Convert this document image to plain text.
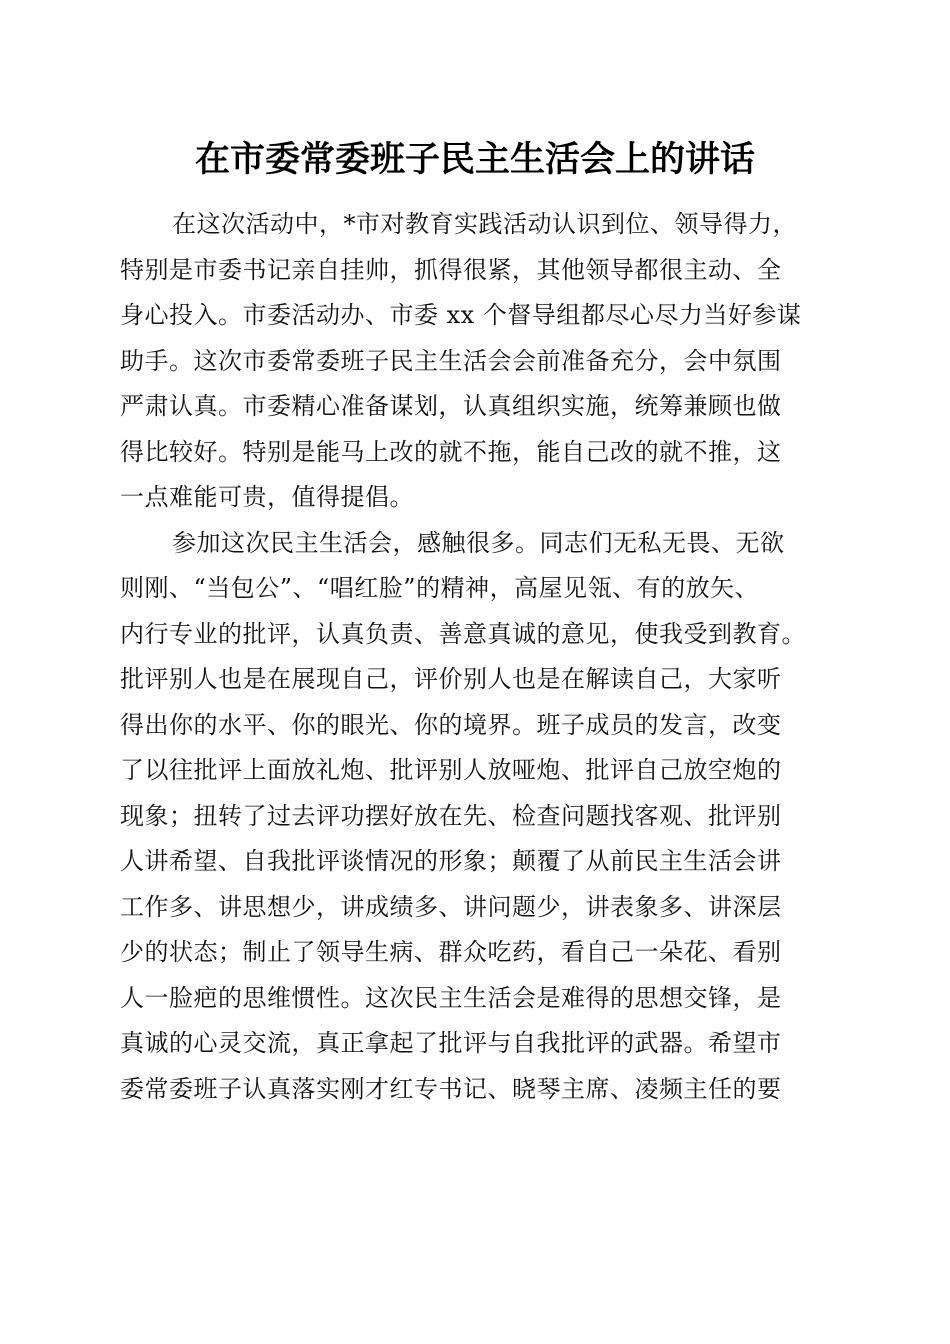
在市委常委班子民主生活会上的讲话
在这次活动中，*市对教育实践活动认识到位、领导得力，
特别是市委书记亲自挂帅，抓得很紧，其他领导都很主动、全
身心投入。市委活动办、市委 xx 个督导组都尽心尽力当好参谋
助手。这次市委常委班子民主生活会会前准备充分，会中氛围
严肃认真。市委精心准备谋划，认真组织实施，统筹兼顾也做
得比较好。特别是能马上改的就不拖，能自己改的就不推，这
一点难能可贵，值得提倡。
参加这次民主生活会，感触很多。同志们无私无畏、无欲
则刚、“当包公”、“唱红脸”的精神，高屋见瓴、有的放矢、
内行专业的批评，认真负责、善意真诚的意见，使我受到教育。
批评别人也是在展现自己，评价别人也是在解读自己，大家听
得出你的水平、你的眼光、你的境界。班子成员的发言，改变
了以往批评上面放礼炮、批评别人放哑炮、批评自己放空炮的
现象；扭转了过去评功摆好放在先、检查问题找客观、批评别
人讲希望、自我批评谈情况的形象；颠覆了从前民主生活会讲
工作多、讲思想少，讲成绩多、讲问题少，讲表象多、讲深层
少的状态；制止了领导生病、群众吃药，看自己一朵花、看别
人一脸疤的思维惯性。这次民主生活会是难得的思想交锋，是
真诚的心灵交流，真正拿起了批评与自我批评的武器。希望市
委常委班子认真落实刚才红专书记、晓琴主席、凌频主任的要
